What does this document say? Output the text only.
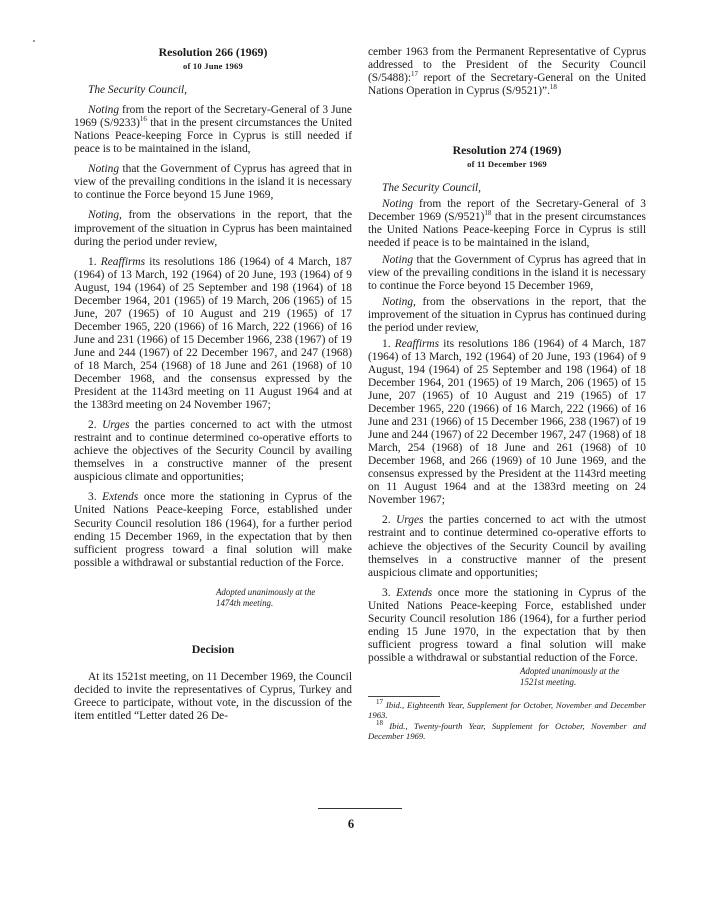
Resolution 266 (1969)

of 10 June 1969

The Security Council,

Noting from the report of the Secretary-General of 3 June 1969 $(S/9233)^{16}$ that in the present circumstances the United Nations Peace-keeping Force in Cyprus is still needed if peace is to be maintained in the island,

Noting that the Government of Cyprus has agreed that in view of the prevailing conditions in the island it is necessary to continue the Force beyond 15 June 1969,

Noting, from the observations in the report, that the improvement of the situation in Cyprus has been maintained during the period under review,

1. Reaffirms its resolutions 186 (1964) of 4 March, 187 (1964) of 13 March, 192 (1964) of 20 June, 193 (1964) of 9 August, 194 (1964) of 25 September and 198 (1964) of 18 December 1964, 201 (1965) of 19 March, 206 (1965) of 15 June, 207 (1965) of 10 August and 219 (1965) of 17 December 1965, 220 (1966) of 16 March, 222 (1966) of 16 June and 231 (1966) of 15 December 1966, 238 (1967) of 19 June and 244 (1967) of 22 December 1967, and 247 (1968) of 18 March, 254 (1968) of 18 June and 261 (1968) of 10 December 1968, and the consensus expressed by the President at the 1143rd meeting on 11 August 1964 and at the 1383rd meeting on 24 November 1967;

2. Urges the parties concerned to act with the utmost restraint and to continue determined co-operative efforts to achieve the objectives of the Security Council by availing themselves in a constructive manner of the present auspicious climate and opportunities;

3. Extends once more the stationing in Cyprus of the United Nations Peace-keeping Force, established under Security Council resolution 186 (1964), for a further period ending 15 December 1969, in the expectation that by then sufficient progress toward a final solution will make possible a withdrawal or substantial reduction of the Force.

Adopted unanimously at the
1474th meeting.

Decision

At its 1521st meeting, on 11 December 1969, the Council decided to invite the representatives of Cyprus, Turkey and Greece to participate, without vote, in the discussion of the item entitled “Letter dated 26 De-

cember 1963 from the Permanent Representative of Cyprus addressed to the President of the Security Council (S/5488):$^{17}$ report of the Secretary-General on the United Nations Operation in Cyprus (S/9521)”.$^{18}$

Resolution 274 (1969)

of 11 December 1969

The Security Council,

Noting from the report of the Secretary-General of 3 December 1969 $(S/9521)^{18}$ that in the present circumstances the United Nations Peace-keeping Force in Cyprus is still needed if peace is to be maintained in the island,

Noting that the Government of Cyprus has agreed that in view of the prevailing conditions in the island it is necessary to continue the Force beyond 15 December 1969,

Noting, from the observations in the report, that the improvement of the situation in Cyprus has continued during the period under review,

1. Reaffirms its resolutions 186 (1964) of 4 March, 187 (1964) of 13 March, 192 (1964) of 20 June, 193 (1964) of 9 August, 194 (1964) of 25 September and 198 (1964) of 18 December 1964, 201 (1965) of 19 March, 206 (1965) of 15 June, 207 (1965) of 10 August and 219 (1965) of 17 December 1965, 220 (1966) of 16 March, 222 (1966) of 16 June and 231 (1966) of 15 December 1966, 238 (1967) of 19 June and 244 (1967) of 22 December 1967, 247 (1968) of 18 March, 254 (1968) of 18 June and 261 (1968) of 10 December 1968, and 266 (1969) of 10 June 1969, and the consensus expressed by the President at the 1143rd meeting on 11 August 1964 and at the 1383rd meeting on 24 November 1967;

2. Urges the parties concerned to act with the utmost restraint and to continue determined co-operative efforts to achieve the objectives of the Security Council by availing themselves in a constructive manner of the present auspicious climate and opportunities;

3. Extends once more the stationing in Cyprus of the United Nations Peace-keeping Force, established under Security Council resolution 186 (1964), for a further period ending 15 June 1970, in the expectation that by then sufficient progress toward a final solution will make possible a withdrawal or substantial reduction of the Force.

Adopted unanimously at the
1521st meeting.

$^{17}$ Ibid., Eighteenth Year, Supplement for October, November and December 1963.

$^{18}$ Ibid., Twenty-fourth Year, Supplement for October, November and December 1969.

6
